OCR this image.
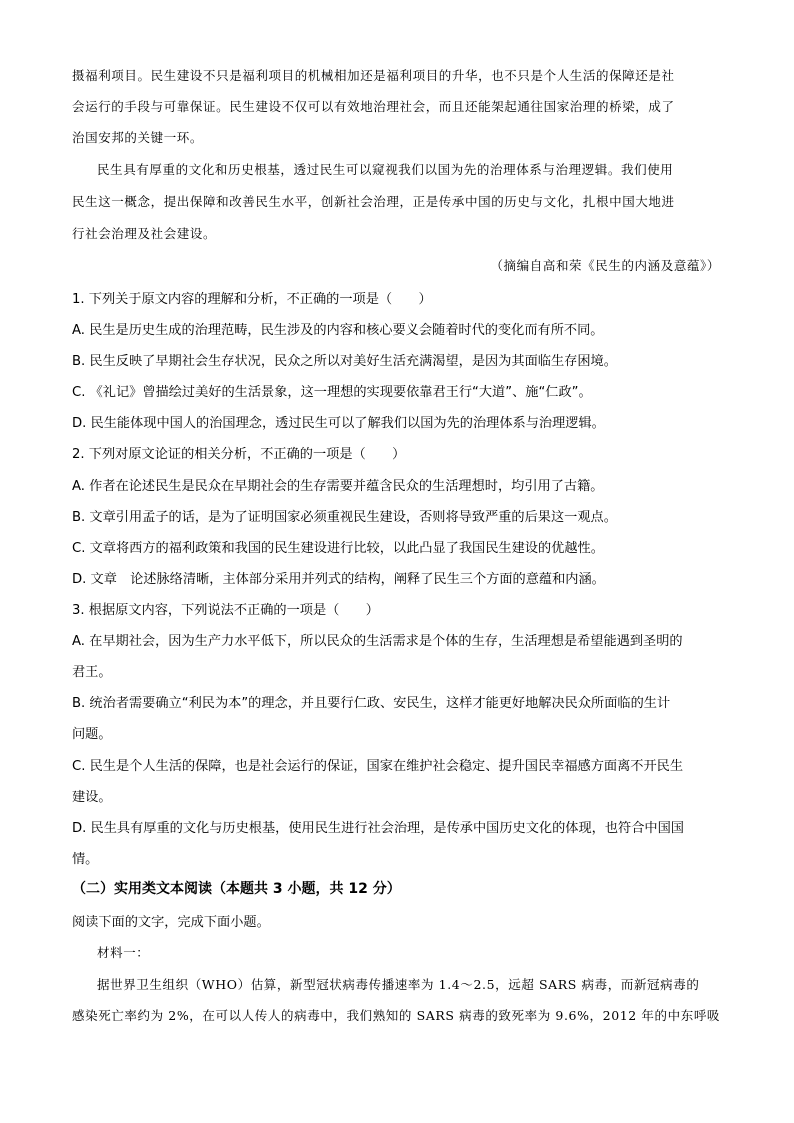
摄福利项目。民生建设不只是福利项目的机械相加还是福利项目的升华，也不只是个人生活的保障还是社
会运行的手段与可靠保证。民生建设不仅可以有效地治理社会，而且还能架起通往国家治理的桥梁，成了
治国安邦的关键一环。
民生具有厚重的文化和历史根基，透过民生可以窥视我们以国为先的治理体系与治理逻辑。我们使用
民生这一概念，提出保障和改善民生水平，创新社会治理，正是传承中国的历史与文化，扎根中国大地进
行社会治理及社会建设。
（摘编自高和荣《民生的内涵及意蕴》）
1. 下列关于原文内容的理解和分析，不正确的一项是（　　）
A. 民生是历史生成的治理范畴，民生涉及的内容和核心要义会随着时代的变化而有所不同。
B. 民生反映了早期社会生存状况，民众之所以对美好生活充满渴望，是因为其面临生存困境。
C. 《礼记》曾描绘过美好的生活景象，这一理想的实现要依靠君王行“大道”、施“仁政”。
D. 民生能体现中国人的治国理念，透过民生可以了解我们以国为先的治理体系与治理逻辑。
2. 下列对原文论证的相关分析，不正确的一项是（　　）
A. 作者在论述民生是民众在早期社会的生存需要并蕴含民众的生活理想时，均引用了古籍。
B. 文章引用孟子的话，是为了证明国家必须重视民生建设，否则将导致严重的后果这一观点。
C. 文章将西方的福利政策和我国的民生建设进行比较，以此凸显了我国民生建设的优越性。
D. 文章　论述脉络清晰，主体部分采用并列式的结构，阐释了民生三个方面的意蕴和内涵。
3. 根据原文内容，下列说法不正确的一项是（　　）
A. 在早期社会，因为生产力水平低下，所以民众的生活需求是个体的生存，生活理想是希望能遇到圣明的
君王。
B. 统治者需要确立“利民为本”的理念，并且要行仁政、安民生，这样才能更好地解决民众所面临的生计
问题。
C. 民生是个人生活的保障，也是社会运行的保证，国家在维护社会稳定、提升国民幸福感方面离不开民生
建设。
D. 民生具有厚重的文化与历史根基，使用民生进行社会治理，是传承中国历史文化的体现，也符合中国国
情。
（二）实用类文本阅读（本题共 3 小题，共 12 分）
阅读下面的文字，完成下面小题。
材料一：
据世界卫生组织（WHO）估算，新型冠状病毒传播速率为 1.4～2.5，远超 SARS 病毒，而新冠病毒的
感染死亡率约为 2%，在可以人传人的病毒中，我们熟知的 SARS 病毒的致死率为 9.6%，2012 年的中东呼吸
